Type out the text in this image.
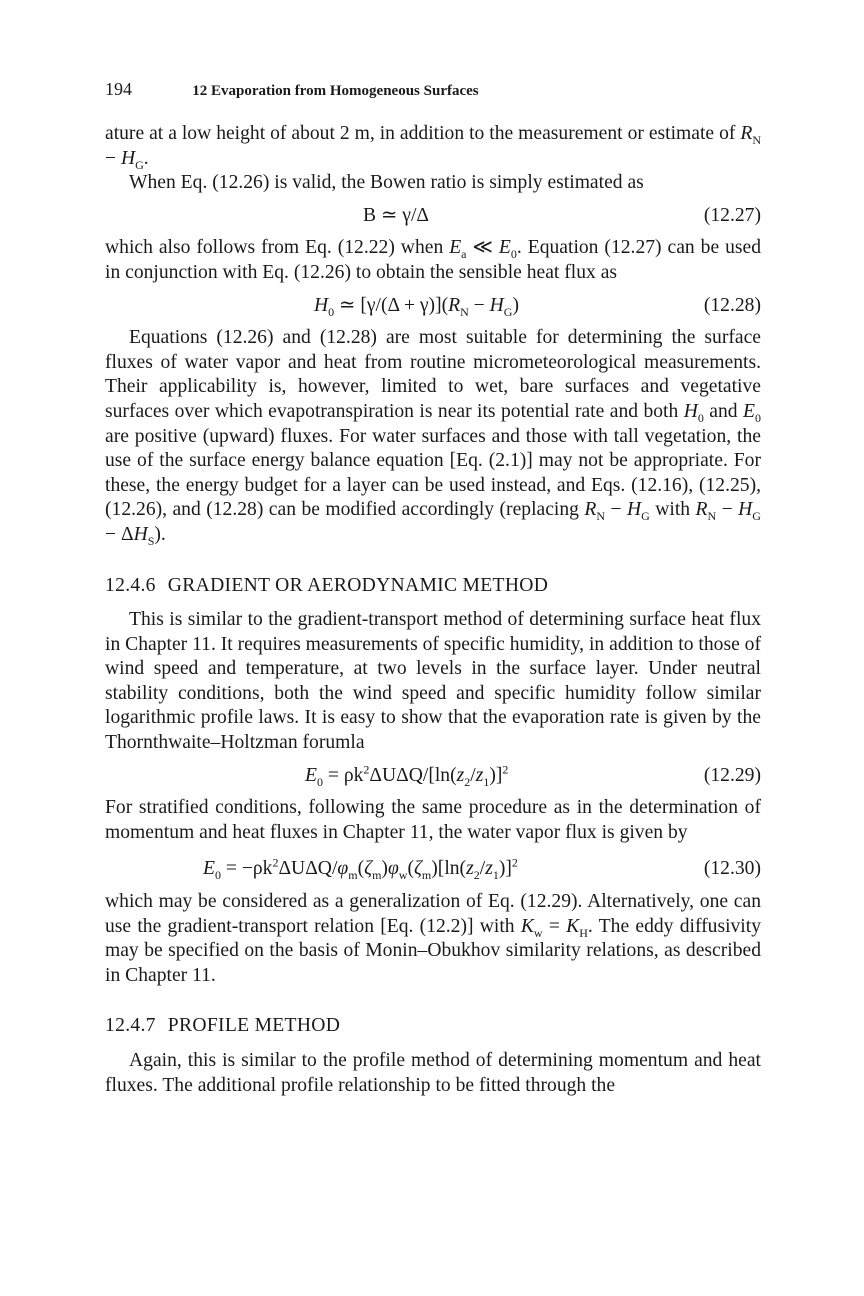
194	12 Evaporation from Homogeneous Surfaces

ature at a low height of about 2 m, in addition to the measurement or estimate of $R_N - H_G$.

When Eq. (12.26) is valid, the Bowen ratio is simply estimated as

B ≃ γ/Δ	(12.27)

which also follows from Eq. (12.22) when $E_a$ ≪ $E_0$. Equation (12.27) can be used in conjunction with Eq. (12.26) to obtain the sensible heat flux as

$H_0$ ≃ $[\gamma/(\Delta + \gamma)](R_N - H_G)$	(12.28)

Equations (12.26) and (12.28) are most suitable for determining the surface fluxes of water vapor and heat from routine micrometeorological measurements. Their applicability is, however, limited to wet, bare surfaces and vegetative surfaces over which evapotranspiration is near its potential rate and both $H_0$ and $E_0$ are positive (upward) fluxes. For water surfaces and those with tall vegetation, the use of the surface energy balance equation [Eq. (2.1)] may not be appropriate. For these, the energy budget for a layer can be used instead, and Eqs. (12.16), (12.25), (12.26), and (12.28) can be modified accordingly (replacing $R_N - H_G$ with $R_N - H_G - \Delta H_S$).

12.4.6 GRADIENT OR AERODYNAMIC METHOD

This is similar to the gradient-transport method of determining surface heat flux in Chapter 11. It requires measurements of specific humidity, in addition to those of wind speed and temperature, at two levels in the surface layer. Under neutral stability conditions, both the wind speed and specific humidity follow similar logarithmic profile laws. It is easy to show that the evaporation rate is given by the Thornthwaite–Holtzman forumla

$E_0 = \rho k^2\Delta U\Delta Q/[\ln(z_2/z_1)]^2$	(12.29)

For stratified conditions, following the same procedure as in the determination of momentum and heat fluxes in Chapter 11, the water vapor flux is given by

$E_0 = -\rho k^2\Delta U\Delta Q/\varphi_m(\zeta_m)\varphi_w(\zeta_m)[\ln(z_2/z_1)]^2$	(12.30)

which may be considered as a generalization of Eq. (12.29). Alternatively, one can use the gradient-transport relation [Eq. (12.2)] with $K_w = K_H$. The eddy diffusivity may be specified on the basis of Monin–Obukhov similarity relations, as described in Chapter 11.

12.4.7 PROFILE METHOD

Again, this is similar to the profile method of determining momentum and heat fluxes. The additional profile relationship to be fitted through the
